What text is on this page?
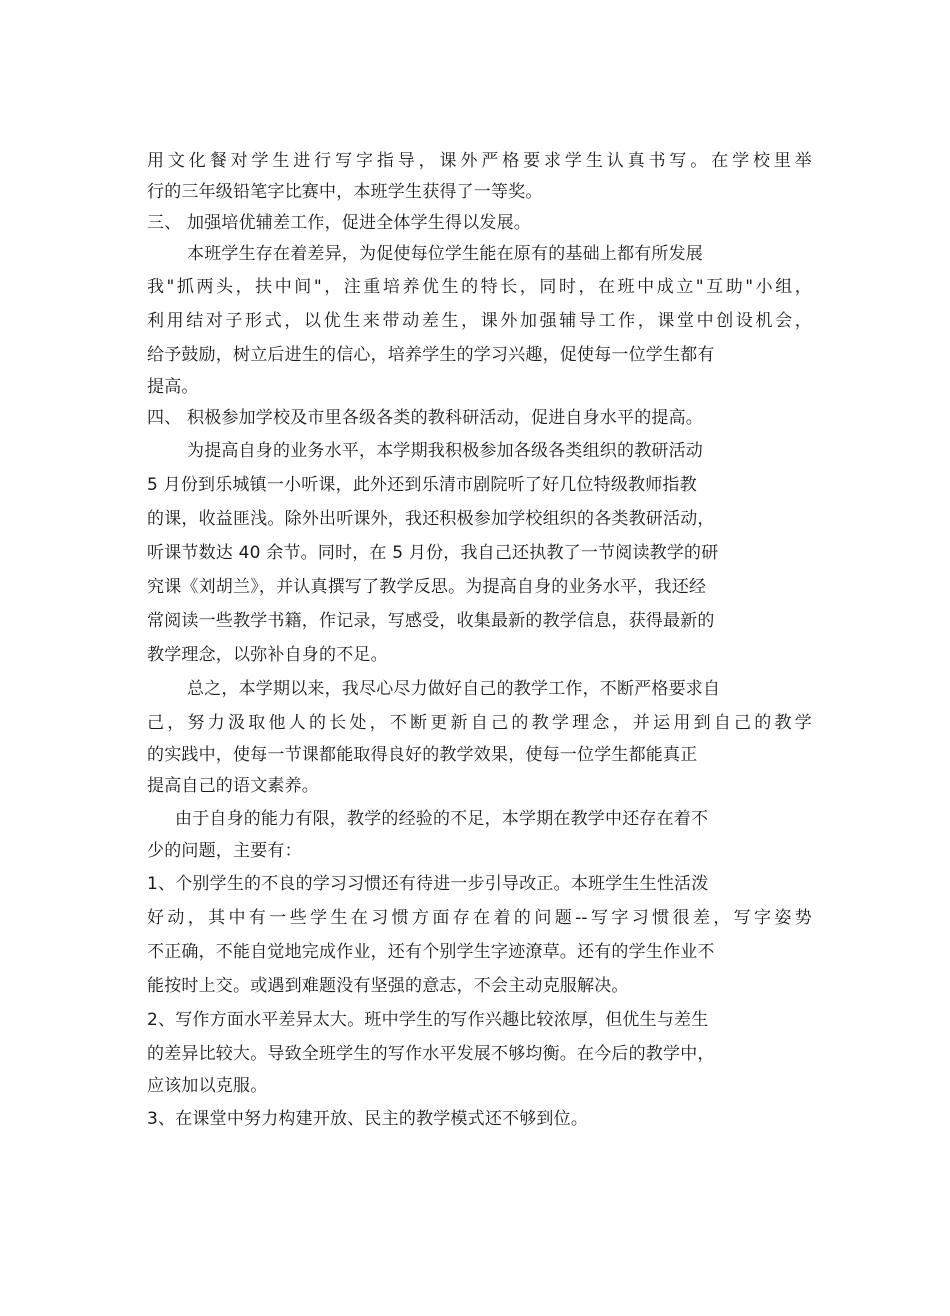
用文化餐对学生进行写字指导，课外严格要求学生认真书写。在学校里举
行的三年级铅笔字比赛中，本班学生获得了一等奖。
三、 加强培优辅差工作，促进全体学生得以发展。
本班学生存在着差异，为促使每位学生能在原有的基础上都有所发展
我"抓两头，扶中间"，注重培养优生的特长，同时，在班中成立"互助"小组，
利用结对子形式，以优生来带动差生，课外加强辅导工作，课堂中创设机会，
给予鼓励，树立后进生的信心，培养学生的学习兴趣，促使每一位学生都有
提高。
四、 积极参加学校及市里各级各类的教科研活动，促进自身水平的提高。
为提高自身的业务水平，本学期我积极参加各级各类组织的教研活动
5 月份到乐城镇一小听课，此外还到乐清市剧院听了好几位特级教师指教
的课，收益匪浅。除外出听课外，我还积极参加学校组织的各类教研活动，
听课节数达 40 余节。同时，在 5 月份，我自己还执教了一节阅读教学的研
究课《刘胡兰》，并认真撰写了教学反思。为提高自身的业务水平，我还经
常阅读一些教学书籍，作记录，写感受，收集最新的教学信息，获得最新的
教学理念，以弥补自身的不足。
总之，本学期以来，我尽心尽力做好自己的教学工作，不断严格要求自
己，努力汲取他人的长处，不断更新自己的教学理念，并运用到自己的教学
的实践中，使每一节课都能取得良好的教学效果，使每一位学生都能真正
提高自己的语文素养。
由于自身的能力有限，教学的经验的不足，本学期在教学中还存在着不
少的问题，主要有：
1、个别学生的不良的学习习惯还有待进一步引导改正。本班学生生性活泼
好动，其中有一些学生在习惯方面存在着的问题--写字习惯很差，写字姿势
不正确，不能自觉地完成作业，还有个别学生字迹潦草。还有的学生作业不
能按时上交。或遇到难题没有坚强的意志，不会主动克服解决。
2、写作方面水平差异太大。班中学生的写作兴趣比较浓厚，但优生与差生
的差异比较大。导致全班学生的写作水平发展不够均衡。在今后的教学中，
应该加以克服。
3、在课堂中努力构建开放、民主的教学模式还不够到位。
